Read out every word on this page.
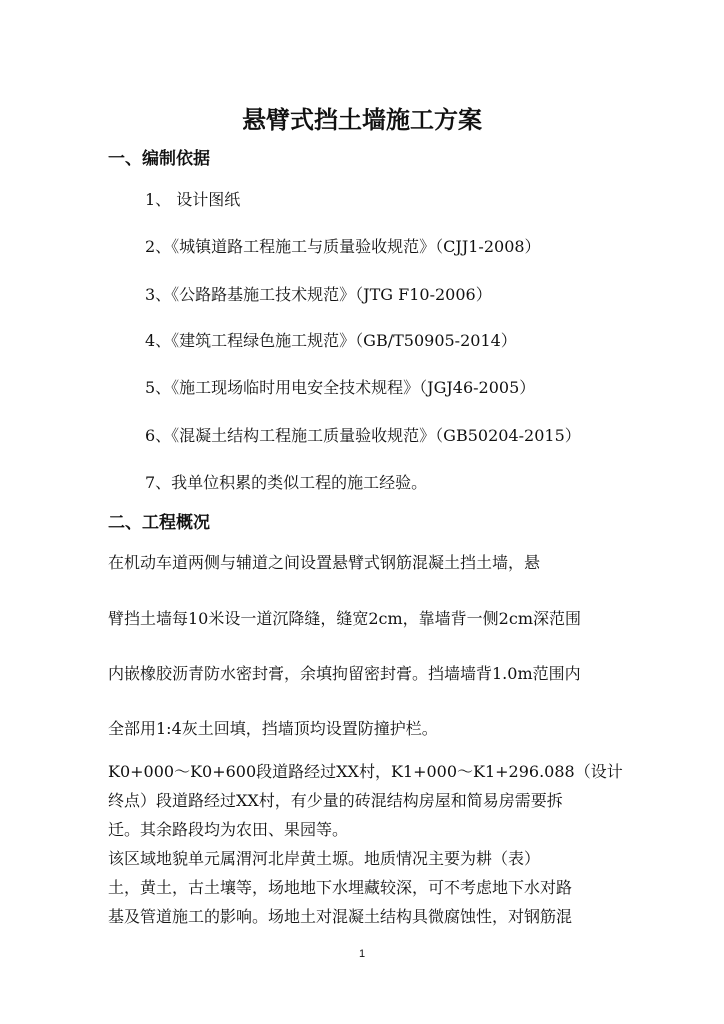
悬臂式挡土墙施工方案
一、编制依据
1、 设计图纸
2、《城镇道路工程施工与质量验收规范》（CJJ1-2008）
3、《公路路基施工技术规范》（JTG F10-2006）
4、《建筑工程绿色施工规范》（GB/T50905-2014）
5、《施工现场临时用电安全技术规程》（JGJ46-2005）
6、《混凝土结构工程施工质量验收规范》（GB50204-2015）
7、我单位积累的类似工程的施工经验。
二、工程概况
在机动车道两侧与辅道之间设置悬臂式钢筋混凝土挡土墙，悬
臂挡土墙每10米设一道沉降缝，缝宽2cm，靠墙背一侧2cm深范围
内嵌橡胶沥青防水密封膏，余填拘留密封膏。挡墙墙背1.0m范围内
全部用1:4灰土回填，挡墙顶均设置防撞护栏。
K0+000～K0+600段道路经过XX村，K1+000～K1+296.088（设计
终点）段道路经过XX村，有少量的砖混结构房屋和简易房需要拆
迁。其余路段均为农田、果园等。
该区域地貌单元属渭河北岸黄土塬。地质情况主要为耕（表）
土，黄土，古土壤等，场地地下水埋藏较深，可不考虑地下水对路
基及管道施工的影响。场地土对混凝土结构具微腐蚀性，对钢筋混
1
